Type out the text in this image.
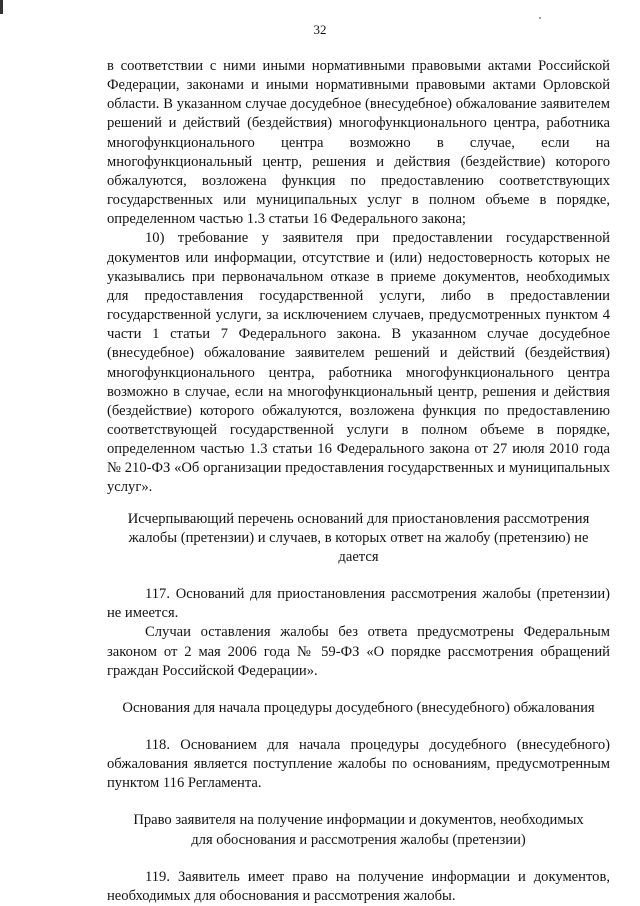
32

в соответствии с ними иными нормативными правовыми актами Российской Федерации, законами и иными нормативными правовыми актами Орловской области. В указанном случае досудебное (внесудебное) обжалование заявителем решений и действий (бездействия) многофункционального центра, работника многофункционального центра возможно в случае, если на многофункциональный центр, решения и действия (бездействие) которого обжалуются, возложена функция по предоставлению соответствующих государственных или муниципальных услуг в полном объеме в порядке, определенном частью 1.3 статьи 16 Федерального закона;

10) требование у заявителя при предоставлении государственной документов или информации, отсутствие и (или) недостоверность которых не указывались при первоначальном отказе в приеме документов, необходимых для предоставления государственной услуги, либо в предоставлении государственной услуги, за исключением случаев, предусмотренных пунктом 4 части 1 статьи 7 Федерального закона. В указанном случае досудебное (внесудебное) обжалование заявителем решений и действий (бездействия) многофункционального центра, работника многофункционального центра возможно в случае, если на многофункциональный центр, решения и действия (бездействие) которого обжалуются, возложена функция по предоставлению соответствующей государственной услуги в полном объеме в порядке, определенном частью 1.3 статьи 16 Федерального закона от 27 июля 2010 года № 210-ФЗ «Об организации предоставления государственных и муниципальных услуг».

Исчерпывающий перечень оснований для приостановления рассмотрения жалобы (претензии) и случаев, в которых ответ на жалобу (претензию) не дается

117. Оснований для приостановления рассмотрения жалобы (претензии) не имеется.

Случаи оставления жалобы без ответа предусмотрены Федеральным законом от 2 мая 2006 года № 59-ФЗ «О порядке рассмотрения обращений граждан Российской Федерации».

Основания для начала процедуры досудебного (внесудебного) обжалования

118. Основанием для начала процедуры досудебного (внесудебного) обжалования является поступление жалобы по основаниям, предусмотренным пунктом 116 Регламента.

Право заявителя на получение информации и документов, необходимых для обоснования и рассмотрения жалобы (претензии)

119. Заявитель имеет право на получение информации и документов, необходимых для обоснования и рассмотрения жалобы.
